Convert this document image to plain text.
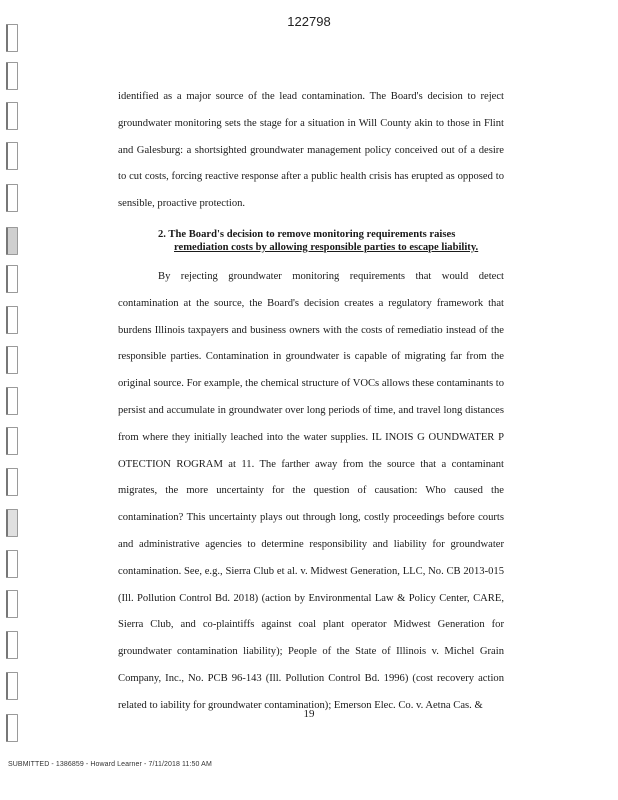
122798

identified as a major source of the lead contamination. The Board's decision to reject groundwater monitoring sets the stage for a situation in Will County akin to those in Flint and Galesburg: a shortsighted groundwater management policy conceived out of a desire to cut costs, forcing reactive response after a public health crisis has erupted as opposed to sensible, proactive protection.

2. The Board's decision to remove monitoring requirements raises
remediation costs by allowing responsible parties to escape liability.

By rejecting groundwater monitoring requirements that would detect contamination at the source, the Board's decision creates a regulatory framework that burdens Illinois taxpayers and business owners with the costs of remediatio instead of the responsible parties. Contamination in groundwater is capable of migrating far from the original source. For example, the chemical structure of VOCs allows these contaminants to persist and accumulate in groundwater over long periods of time, and travel long distances from where they initially leached into the water supplies. IL INOIS G OUNDWATER P OTECTION ROGRAM at 11. The farther away from the source that a contaminant migrates, the more uncertainty for the question of causation: Who caused the contamination? This uncertainty plays out through long, costly proceedings before courts and administrative agencies to determine responsibility and liability for groundwater contamination. See, e.g., Sierra Club et al. v. Midwest Generation, LLC, No. CB 2013-015 (Ill. Pollution Control Bd. 2018) (action by Environmental Law & Policy Center, CARE, Sierra Club, and co-plaintiffs against coal plant operator Midwest Generation for groundwater contamination liability); People of the State of Illinois v. Michel Grain Company, Inc., No. PCB 96-143 (Ill. Pollution Control Bd. 1996) (cost recovery action related to iability for groundwater contamination); Emerson Elec. Co. v. Aetna Cas. &

19
SUBMITTED - 1386859 - Howard Learner - 7/11/2018 11:50 AM
